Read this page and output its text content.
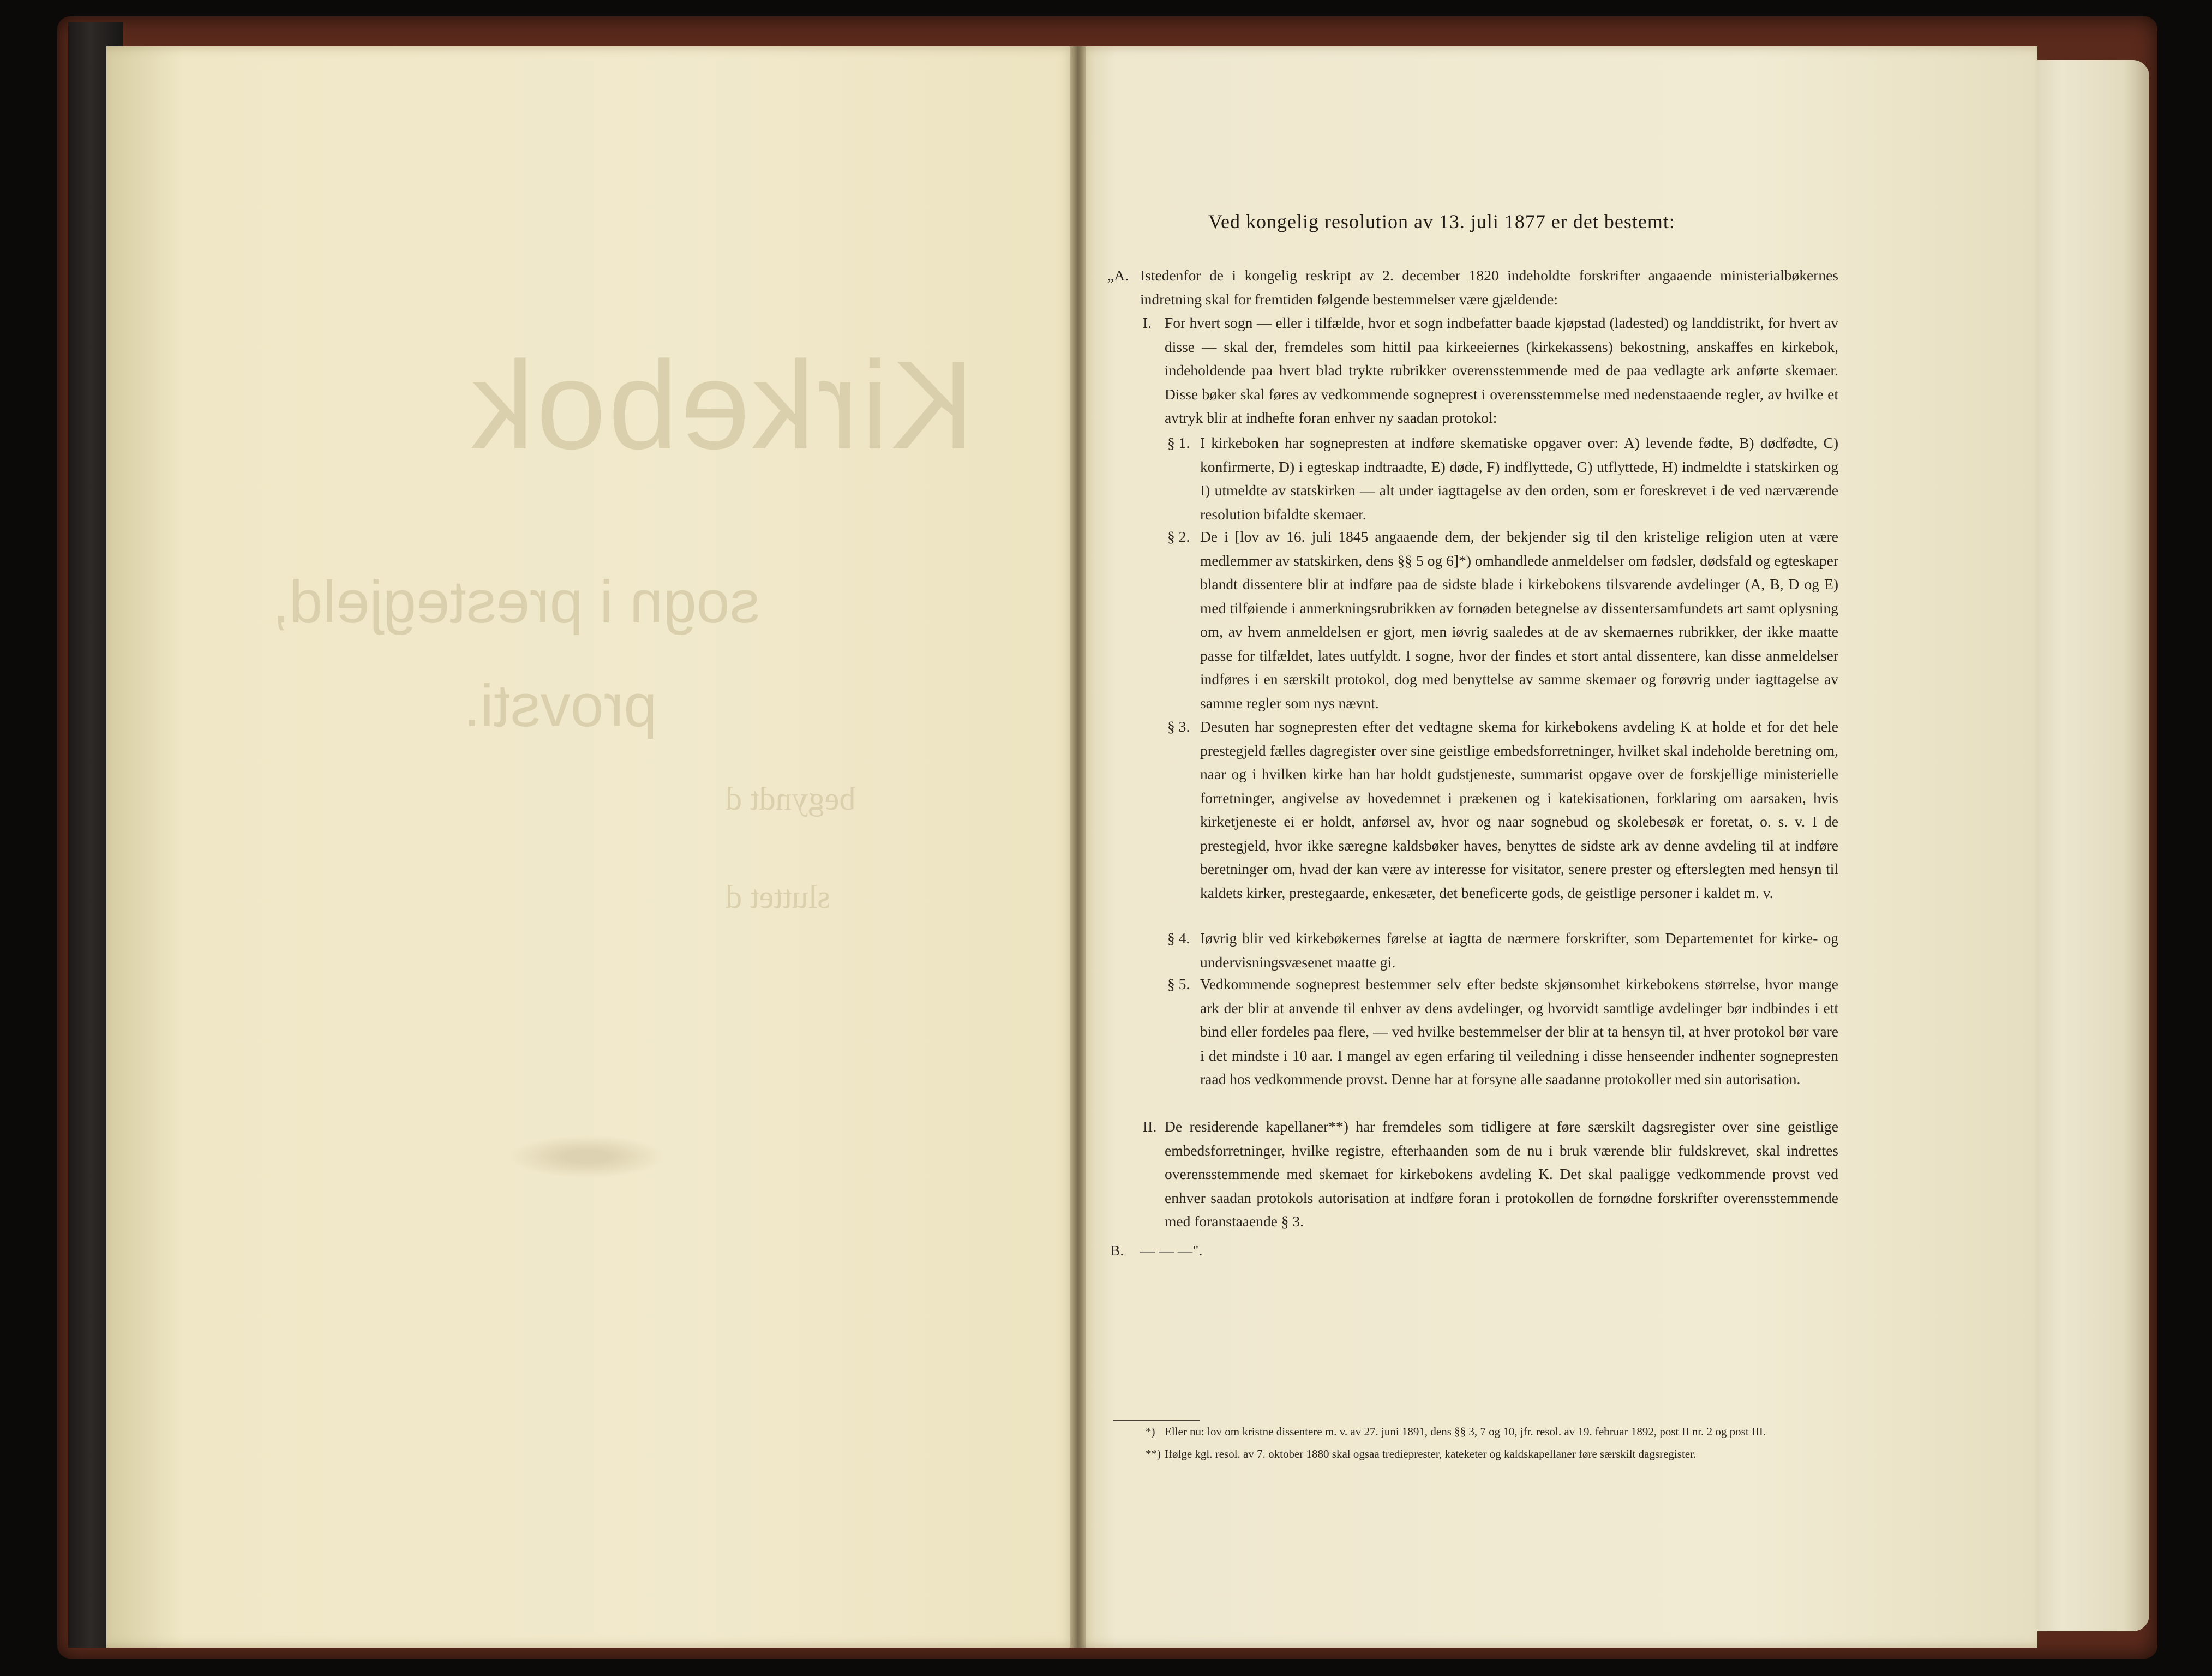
Kirkebok
sogn i prestegjeld,
provsti.
begyndt d
sluttet d
Ved kongelig resolution av 13. juli 1877 er det bestemt:
„A. Istedenfor de i kongelig reskript av 2. december 1820 indeholdte forskrifter angaaende ministerialbøkernes indretning skal for fremtiden følgende bestemmelser være gjældende:
I. For hvert sogn — eller i tilfælde, hvor et sogn indbefatter baade kjøpstad (ladested) og landdistrikt, for hvert av disse — skal der, fremdeles som hittil paa kirkeeiernes (kirkekassens) bekostning, anskaffes en kirkebok, indeholdende paa hvert blad trykte rubrikker overensstemmende med de paa vedlagte ark anførte skemaer. Disse bøker skal føres av vedkommende sogneprest i overensstemmelse med nedenstaaende regler, av hvilke et avtryk blir at indhefte foran enhver ny saadan protokol:
§ 1. I kirkeboken har sognepresten at indføre skematiske opgaver over: A) levende fødte, B) dødfødte, C) konfirmerte, D) i egteskap indtraadte, E) døde, F) indflyttede, G) utflyttede, H) indmeldte i statskirken og I) utmeldte av statskirken — alt under iagttagelse av den orden, som er foreskrevet i de ved nærværende resolution bifaldte skemaer.
§ 2. De i [lov av 16. juli 1845 angaaende dem, der bekjender sig til den kristelige religion uten at være medlemmer av statskirken, dens §§ 5 og 6]*) omhandlede anmeldelser om fødsler, dødsfald og egteskaper blandt dissentere blir at indføre paa de sidste blade i kirkebokens tilsvarende avdelinger (A, B, D og E) med tilføiende i anmerkningsrubrikken av fornøden betegnelse av dissentersamfundets art samt oplysning om, av hvem anmeldelsen er gjort, men iøvrig saaledes at de av skemaernes rubrikker, der ikke maatte passe for tilfældet, lates uutfyldt. I sogne, hvor der findes et stort antal dissentere, kan disse anmeldelser indføres i en særskilt protokol, dog med benyttelse av samme skemaer og forøvrig under iagttagelse av samme regler som nys nævnt.
§ 3. Desuten har sognepresten efter det vedtagne skema for kirkebokens avdeling K at holde et for det hele prestegjeld fælles dagregister over sine geistlige embedsforretninger, hvilket skal indeholde beretning om, naar og i hvilken kirke han har holdt gudstjeneste, summarist opgave over de forskjellige ministerielle forretninger, angivelse av hovedemnet i prækenen og i katekisationen, forklaring om aarsaken, hvis kirketjeneste ei er holdt, anførsel av, hvor og naar sognebud og skolebesøk er foretat, o. s. v. I de prestegjeld, hvor ikke særegne kaldsbøker haves, benyttes de sidste ark av denne avdeling til at indføre beretninger om, hvad der kan være av interesse for visitator, senere prester og efterslegten med hensyn til kaldets kirker, prestegaarde, enkesæter, det beneficerte gods, de geistlige personer i kaldet m. v.
§ 4. Iøvrig blir ved kirkebøkernes førelse at iagtta de nærmere forskrifter, som Departementet for kirke- og undervisningsvæsenet maatte gi.
§ 5. Vedkommende sogneprest bestemmer selv efter bedste skjønsomhet kirkebokens størrelse, hvor mange ark der blir at anvende til enhver av dens avdelinger, og hvorvidt samtlige avdelinger bør indbindes i ett bind eller fordeles paa flere, — ved hvilke bestemmelser der blir at ta hensyn til, at hver protokol bør vare i det mindste i 10 aar. I mangel av egen erfaring til veiledning i disse henseender indhenter sognepresten raad hos vedkommende provst. Denne har at forsyne alle saadanne protokoller med sin autorisation.
II. De residerende kapellaner**) har fremdeles som tidligere at føre særskilt dagsregister over sine geistlige embedsforretninger, hvilke registre, efterhaanden som de nu i bruk værende blir fuldskrevet, skal indrettes overensstemmende med skemaet for kirkebokens avdeling K. Det skal paaligge vedkommende provst ved enhver saadan protokols autorisation at indføre foran i protokollen de fornødne forskrifter overensstemmende med foranstaaende § 3.
B. — — —".
*) Eller nu: lov om kristne dissentere m. v. av 27. juni 1891, dens §§ 3, 7 og 10, jfr. resol. av 19. februar 1892, post II nr. 2 og post III.
**) Ifølge kgl. resol. av 7. oktober 1880 skal ogsaa tredieprester, kateketer og kaldskapellaner føre særskilt dagsregister.
